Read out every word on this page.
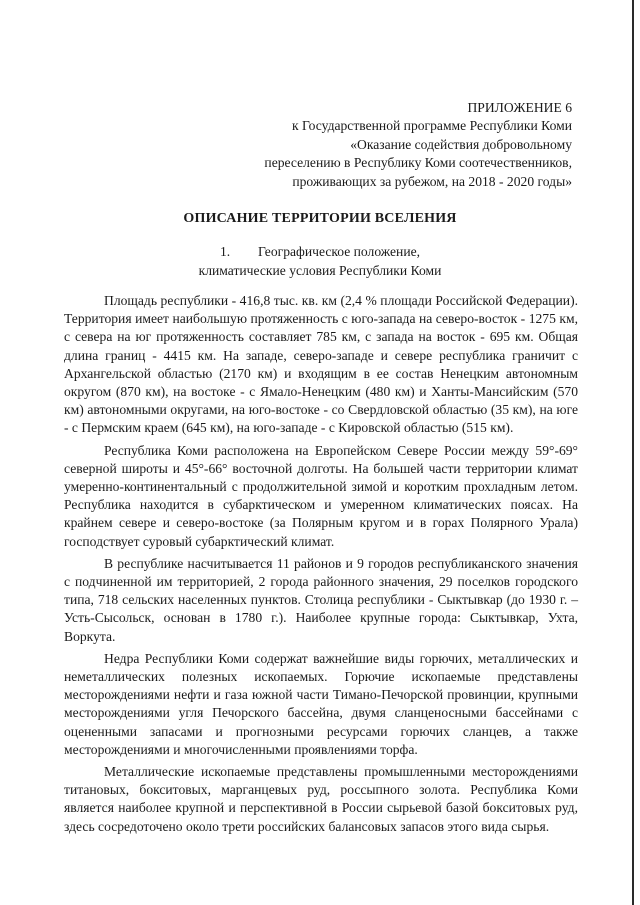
ПРИЛОЖЕНИЕ 6
к Государственной программе Республики Коми
«Оказание содействия добровольному
переселению в Республику Коми соотечественников,
проживающих за рубежом, на 2018 - 2020 годы»
ОПИСАНИЕ ТЕРРИТОРИИ ВСЕЛЕНИЯ
1. Географическое положение,
климатические условия Республики Коми

Площадь республики - 416,8 тыс. кв. км (2,4 % площади Российской Федерации). Территория имеет наибольшую протяженность с юго-запада на северо-восток - 1275 км, с севера на юг протяженность составляет 785 км, с запада на восток - 695 км. Общая длина границ - 4415 км. На западе, северо-западе и севере республика граничит с Архангельской областью (2170 км) и входящим в ее состав Ненецким автономным округом (870 км), на востоке - с Ямало-Ненецким (480 км) и Ханты-Мансийским (570 км) автономными округами, на юго-востоке - со Свердловской областью (35 км), на юге - с Пермским краем (645 км), на юго-западе - с Кировской областью (515 км).

Республика Коми расположена на Европейском Севере России между 59°-69° северной широты и 45°-66° восточной долготы. На большей части территории климат умеренно-континентальный с продолжительной зимой и коротким прохладным летом. Республика находится в субарктическом и умеренном климатических поясах. На крайнем севере и северо-востоке (за Полярным кругом и в горах Полярного Урала) господствует суровый субарктический климат.

В республике насчитывается 11 районов и 9 городов республиканского значения с подчиненной им территорией, 2 города районного значения, 29 поселков городского типа, 718 сельских населенных пунктов. Столица республики - Сыктывкар (до 1930 г. – Усть-Сысольск, основан в 1780 г.). Наиболее крупные города: Сыктывкар, Ухта, Воркута.

Недра Республики Коми содержат важнейшие виды горючих, металлических и неметаллических полезных ископаемых. Горючие ископаемые представлены месторождениями нефти и газа южной части Тимано-Печорской провинции, крупными месторождениями угля Печорского бассейна, двумя сланценосными бассейнами с оцененными запасами и прогнозными ресурсами горючих сланцев, а также месторождениями и многочисленными проявлениями торфа.

Металлические ископаемые представлены промышленными месторождениями титановых, бокситовых, марганцевых руд, россыпного золота. Республика Коми является наиболее крупной и перспективной в России сырьевой базой бокситовых руд, здесь сосредоточено около трети российских балансовых запасов этого вида сырья.
